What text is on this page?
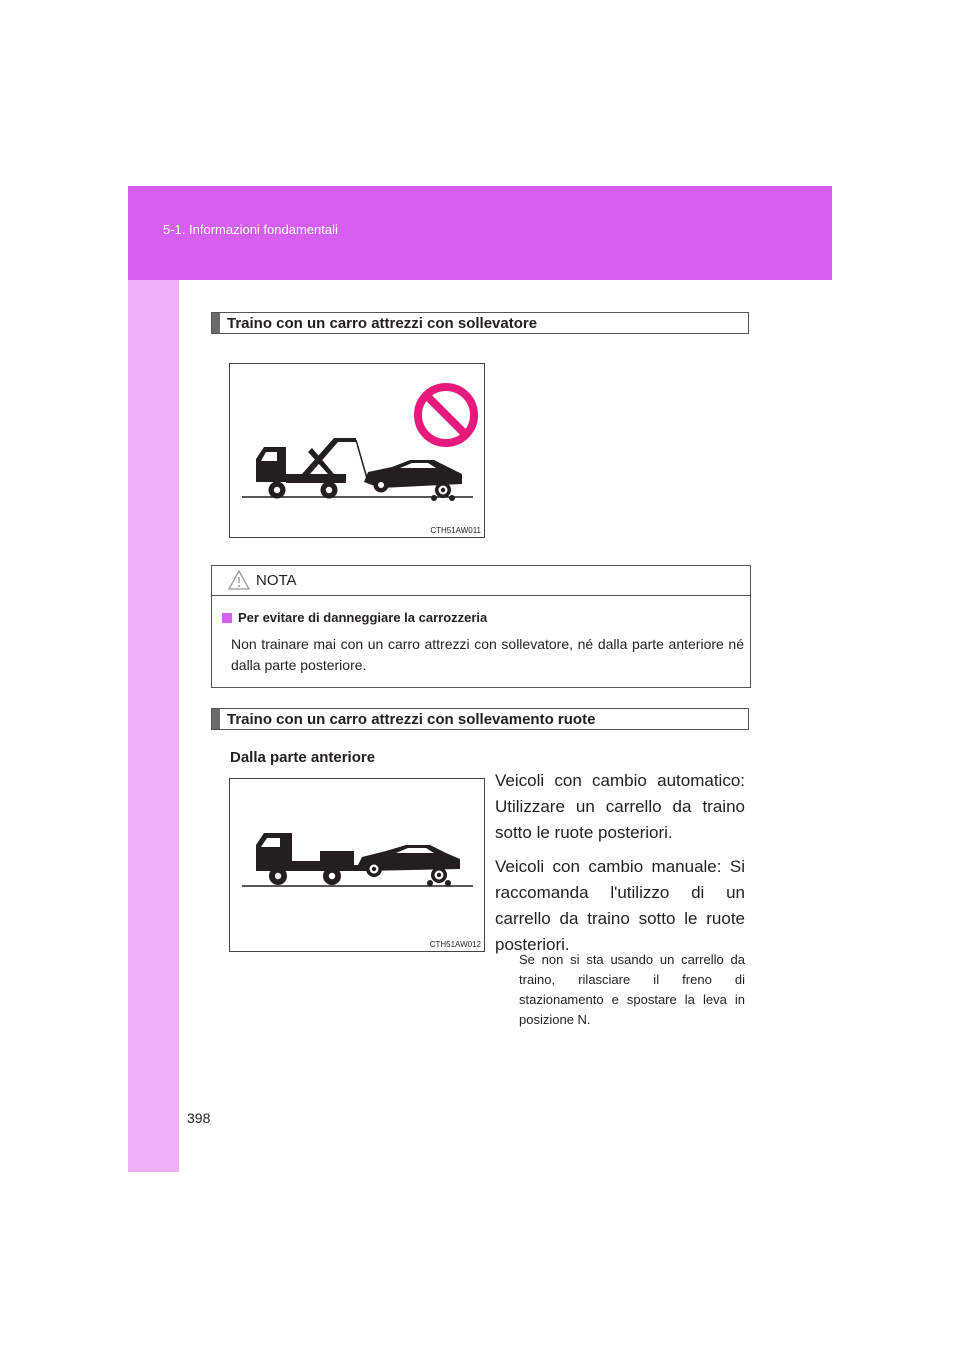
5-1. Informazioni fondamentali
Traino con un carro attrezzi con sollevatore
CTH51AW011
NOTA
Per evitare di danneggiare la carrozzeria
Non trainare mai con un carro attrezzi con sollevatore, né dalla parte anteriore né dalla parte posteriore.
Traino con un carro attrezzi con sollevamento ruote
Dalla parte anteriore
CTH51AW012

Veicoli con cambio automatico: Utilizzare un carrello da traino sotto le ruote posteriori.

Veicoli con cambio manuale: Si raccomanda l'utilizzo di un carrello da traino sotto le ruote posteriori.

Se non si sta usando un carrello da traino, rilasciare il freno di stazionamento e spostare la leva in posizione N.
398
